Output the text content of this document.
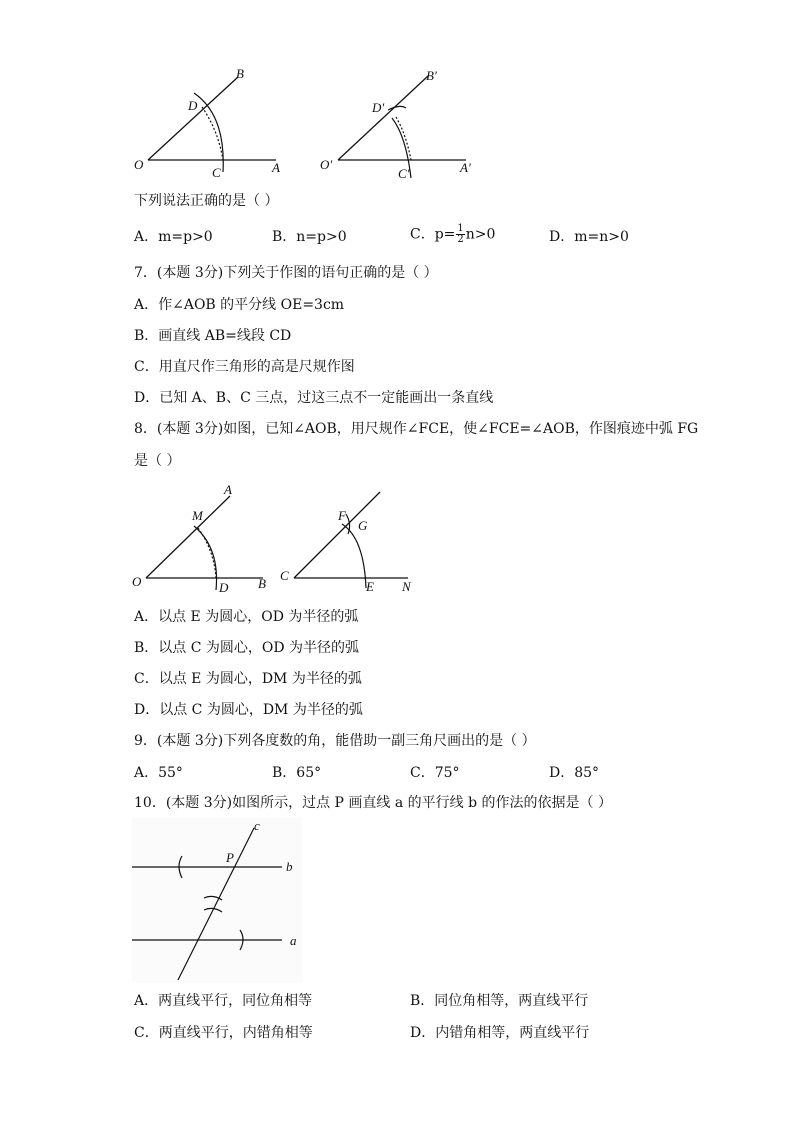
O
C	A
D
B
O′
C′	A′
D′
B′
下列说法正确的是（ ）
A．m=p>0	B．n=p>0	C．$p= \frac{1}{2} n>0$	D．m=n>0
7．(本题 3分)下列关于作图的语句正确的是（ ）
A．作∠AOB 的平分线 OE=3cm
B．画直线 AB=线段 CD
C．用直尺作三角形的高是尺规作图
D．已知 A、B、C 三点，过这三点不一定能画出一条直线
8．(本题 3分)如图，已知∠AOB，用尺规作∠FCE，使∠FCE=∠AOB，作图痕迹中弧 FG
是（ ）
A
M
O	D B
F
G
C
E N
A．以点 E 为圆心，OD 为半径的弧
B．以点 C 为圆心，OD 为半径的弧
C．以点 E 为圆心，DM 为半径的弧
D．以点 C 为圆心，DM 为半径的弧
9．(本题 3分)下列各度数的角，能借助一副三角尺画出的是（ ）
A．55°	B．65°	C．75°	D．85°
10．(本题 3分)如图所示，过点 P 画直线 a 的平行线 b 的作法的依据是（ ）
c
P
b
a
A．两直线平行，同位角相等	B．同位角相等，两直线平行
C．两直线平行，内错角相等	D．内错角相等，两直线平行
